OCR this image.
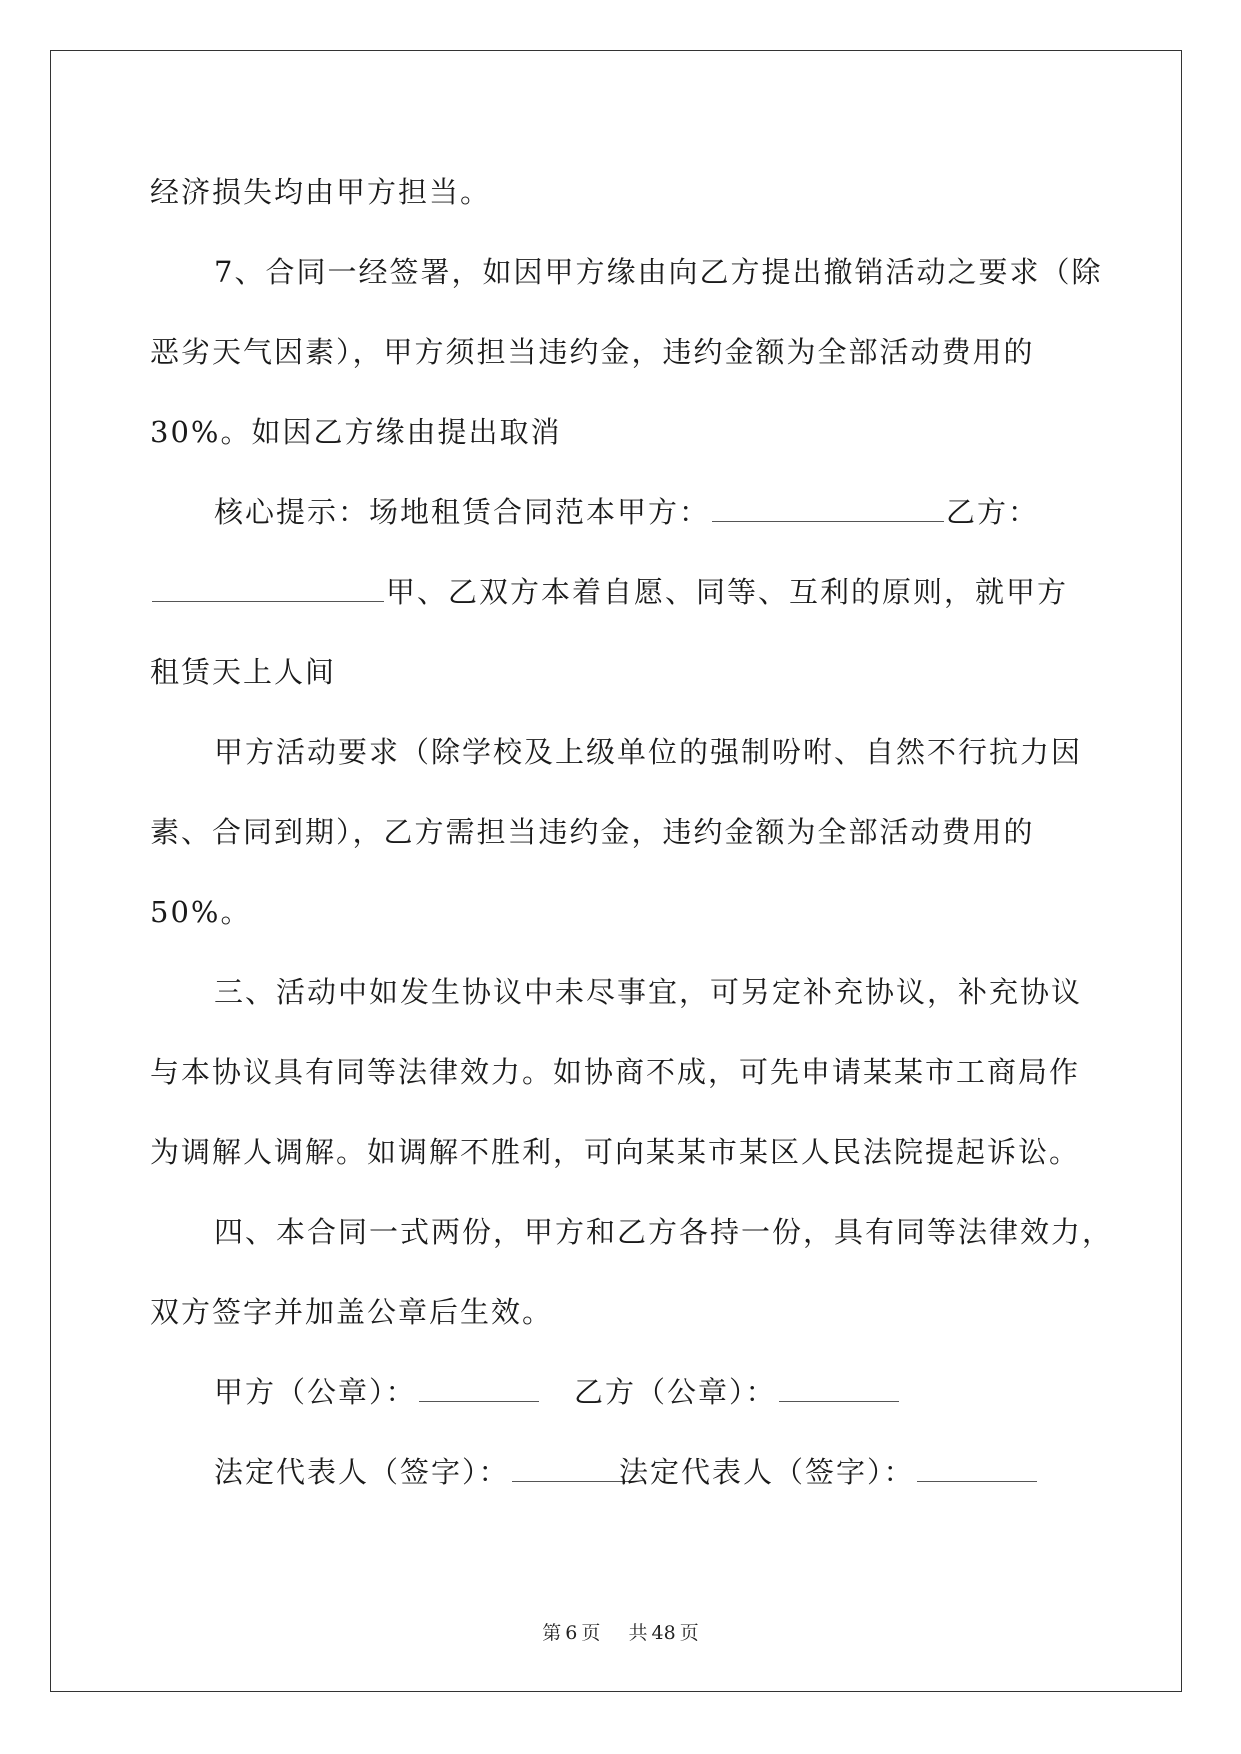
经济损失均由甲方担当。
7、合同一经签署，如因甲方缘由向乙方提出撤销活动之要求（除
恶劣天气因素），甲方须担当违约金，违约金额为全部活动费用的
30%。如因乙方缘由提出取消
核心提示：场地租赁合同范本甲方：	乙方：
甲、乙双方本着自愿、同等、互利的原则，就甲方
租赁天上人间
甲方活动要求（除学校及上级单位的强制吩咐、自然不行抗力因
素、合同到期），乙方需担当违约金，违约金额为全部活动费用的
50%。
三、活动中如发生协议中未尽事宜，可另定补充协议，补充协议
与本协议具有同等法律效力。如协商不成，可先申请某某市工商局作
为调解人调解。如调解不胜利，可向某某市某区人民法院提起诉讼。
四、本合同一式两份，甲方和乙方各持一份，具有同等法律效力，
双方签字并加盖公章后生效。
甲方（公章）：	乙方（公章）：
法定代表人（签字）：	法定代表人（签字）：
第 6 页 共 48 页
